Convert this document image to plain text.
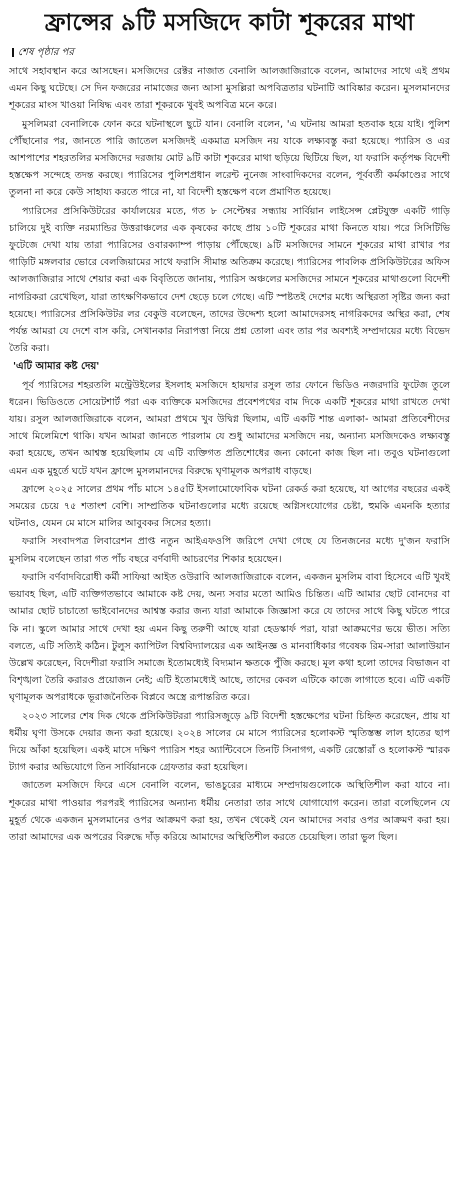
ফ্রান্সের ৯টি মসজিদে কাটা শূকরের মাথা
শেষ পৃষ্ঠার পর

সাথে সহাবস্থান করে আসছেন। মসজিদের রেক্টর নাজাত বেনালি আলজাজিরাকে বলেন, আমাদের সাথে এই প্রথম এমন কিছু ঘটেছে। সে দিন ফজরের নামাজের জন্য আসা মুসল্লিরা অপবিত্রতার ঘটনাটি আবিষ্কার করেন। মুসলমানদের শূকরের মাংস খাওয়া নিষিদ্ধ এবং তারা শূকরকে খুবই অপবিত্র মনে করে।

মুসলিমরা বেনালিকে ফোন করে ঘটনাস্থলে ছুটে যান। বেনালি বলেন, 'এ ঘটনায় আমরা হতবাক হয়ে যাই। পুলিশ পৌঁছানোর পর, জানতে পারি জাতেল মসজিদই একমাত্র মসজিদ নয় যাকে লক্ষ্যবস্তু করা হয়েছে। প্যারিস ও এর আশপাশের শহরতলির মসজিদের দরজায় মোট ৯টি কাটা শূকরের মাথা ছড়িয়ে ছিটিয়ে ছিল, যা ফরাসি কর্তৃপক্ষ বিদেশী হস্তক্ষেপ সন্দেহে তদন্ত করছে। প্যারিসের পুলিশপ্রধান লরেন্ট নুনেজ সাংবাদিকদের বলেন, পূর্ববর্তী কর্মকাণ্ডের সাথে তুলনা না করে কেউ সাহায্য করতে পারে না, যা বিদেশী হস্তক্ষেপ বলে প্রমাণিত হয়েছে।

প্যারিসের প্রসিকিউটরের কার্যালয়ের মতে, গত ৮ সেপ্টেম্বর সন্ধ্যায় সার্বিয়ান লাইসেন্স প্লেটযুক্ত একটি গাড়ি চালিয়ে দুই ব্যক্তি নরম্যান্ডির উত্তরাঞ্চলের এক কৃষকের কাছে প্রায় ১০টি শূকরের মাথা কিনতে যায়। পরে সিসিটিভি ফুটেজে দেখা যায় তারা প্যারিসের ওবারক্যাম্প পাড়ায় পৌঁছেছে। ৯টি মসজিদের সামনে শূকরের মাথা রাখার পর গাড়িটি মঙ্গলবার ভোরে বেলজিয়ামের সাথে ফরাসি সীমান্ত অতিক্রম করেছে। প্যারিসের পাবলিক প্রসিকিউটরের অফিস আলজাজিরার সাথে শেয়ার করা এক বিবৃতিতে জানায়, প্যারিস অঞ্চলের মসজিদের সামনে শূকরের মাথাগুলো বিদেশী নাগরিকরা রেখেছিল, যারা তাৎক্ষণিকভাবে দেশ ছেড়ে চলে গেছে। এটি স্পষ্টতই দেশের মধ্যে অস্থিরতা সৃষ্টির জন্য করা হয়েছে। প্যারিসের প্রসিকিউটর লর বেকুউ বলেছেন, তাদের উদ্দেশ্য হলো আমাদেরসহ নাগরিকদের অস্থির করা, শেষ পর্যন্ত আমরা যে দেশে বাস করি, সেখানকার নিরাপত্তা নিয়ে প্রশ্ন তোলা এবং তার পর অবশ্যই সম্প্রদায়ের মধ্যে বিভেদ তৈরি করা।

'এটি আমার কষ্ট দেয়'

পূর্ব প্যারিসের শহরতলি মন্ট্রেউইলের ইসলাহ মসজিদে হায়দার রসুল তার ফোনে ভিডিও নজরদারি ফুটেজ তুলে ধরেন। ভিডিওতে সোয়েটশার্ট পরা এক ব্যক্তিকে মসজিদের প্রবেশপথের বাম দিকে একটি শূকরের মাথা রাখতে দেখা যায়। রসুল আলজাজিরাকে বলেন, আমরা প্রথমে খুব উদ্বিগ্ন ছিলাম, এটি একটি শান্ত এলাকা- আমরা প্রতিবেশীদের সাথে মিলেমিশে থাকি। যখন আমরা জানতে পারলাম যে শুধু আমাদের মসজিদে নয়, অন্যান্য মসজিদকেও লক্ষ্যবস্তু করা হয়েছে, তখন আশ্বস্ত হয়েছিলাম যে এটি ব্যক্তিগত প্রতিশোধের জন্য কোনো কাজ ছিল না। তবুও ঘটনাগুলো এমন এক মুহূর্তে ঘটে যখন ফ্রান্সে মুসলমানদের বিরুদ্ধে ঘৃণামূলক অপরাধ বাড়ছে।

ফ্রান্সে ২০২৫ সালের প্রথম পাঁচ মাসে ১৪৫টি ইসলামোফোবিক ঘটনা রেকর্ড করা হয়েছে, যা আগের বছরের একই সময়ের চেয়ে ৭৫ শতাংশ বেশি। সাম্প্রতিক ঘটনাগুলোর মধ্যে রয়েছে অগ্নিসংযোগের চেষ্টা, হুমকি এমনকি হত্যার ঘটনাও, যেমন মে মাসে মালির আবুবকর সিসের হত্যা।

ফরাসি সংবাদপত্র লিবারেশন প্রাপ্ত নতুন আইএফওপি জরিপে দেখা গেছে যে তিনজনের মধ্যে দু'জন ফরাসি মুসলিম বলেছেন তারা গত পাঁচ বছরে বর্ণবাদী আচরণের শিকার হয়েছেন।

ফরাসি বর্ণবাদবিরোধী কর্মী সাফিয়া আইত ওউরাবি আলজাজিরাকে বলেন, একজন মুসলিম বাবা হিসেবে এটি খুবই ভয়াবহ ছিল, এটি ব্যক্তিগতভাবে আমাকে কষ্ট দেয়, অন্য সবার মতো আমিও চিন্তিত। এটি আমার ছোট বোনদের বা আমার ছোট চাচাতো ভাইবোনদের আশ্বস্ত করার জন্য যারা আমাকে জিজ্ঞাসা করে যে তাদের সাথে কিছু ঘটতে পারে কি না। স্কুলে আমার সাথে দেখা হয় এমন কিছু তরুণী আছে যারা হেডস্কার্ফ পরা, যারা আক্রমণের ভয়ে ভীত। সত্যি বলতে, এটি সত্যিই কঠিন। টুলুস ক্যাপিটল বিশ্ববিদ্যালয়ের এক আইনজ্ঞ ও মানবাধিকার গবেষক রিম-সারা আলাউয়ান উল্লেখ করেছেন, বিদেশীরা ফরাসি সমাজে ইতোমধ্যেই বিদ্যমান ক্ষতকে পুঁজি করছে। মূল কথা হলো তাদের বিভাজন বা বিশৃঙ্খলা তৈরি করারও প্রয়োজন নেই; এটি ইতোমধ্যেই আছে, তাদের কেবল এটিকে কাজে লাগাতে হবে। এটি একটি ঘৃণামূলক অপরাধকে ভূরাজনৈতিক বিপ্লবে অস্ত্রে রূপান্তরিত করে।

২০২৩ সালের শেষ দিক থেকে প্রসিকিউটররা প্যারিসজুড়ে ৯টি বিদেশী হস্তক্ষেপের ঘটনা চিহ্নিত করেছেন, প্রায় যা ধর্মীয় ঘৃণা উসকে দেয়ার জন্য করা হয়েছে। ২০২৪ সালের মে মাসে প্যারিসের হলোকস্ট স্মৃতিস্তম্ভ লাল হাতের ছাপ দিয়ে আঁকা হয়েছিল। একই মাসে দক্ষিণ প্যারিস শহর অ্যান্টিবেসে তিনটি সিনাগগ, একটি রেস্তোরাঁ ও হলোকস্ট স্মারক ট্যাগ করার অভিযোগে তিন সার্বিয়ানকে গ্রেফতার করা হয়েছিল।

জাতেল মসজিদে ফিরে এসে বেনালি বলেন, ভাঙচুরের মাধ্যমে সম্প্রদায়গুলোকে অস্থিতিশীল করা যাবে না। শূকরের মাথা পাওয়ার পরপরই প্যারিসের অন্যান্য ধর্মীয় নেতারা তার সাথে যোগাযোগ করেন। তারা বলেছিলেন যে মুহূর্ত থেকে একজন মুসলমানের ওপর আক্রমণ করা হয়, তখন থেকেই যেন আমাদের সবার ওপর আক্রমণ করা হয়। তারা আমাদের এক অপরের বিরুদ্ধে দাঁড় করিয়ে আমাদের অস্থিতিশীল করতে চেয়েছিল। তারা ভুল ছিল।
